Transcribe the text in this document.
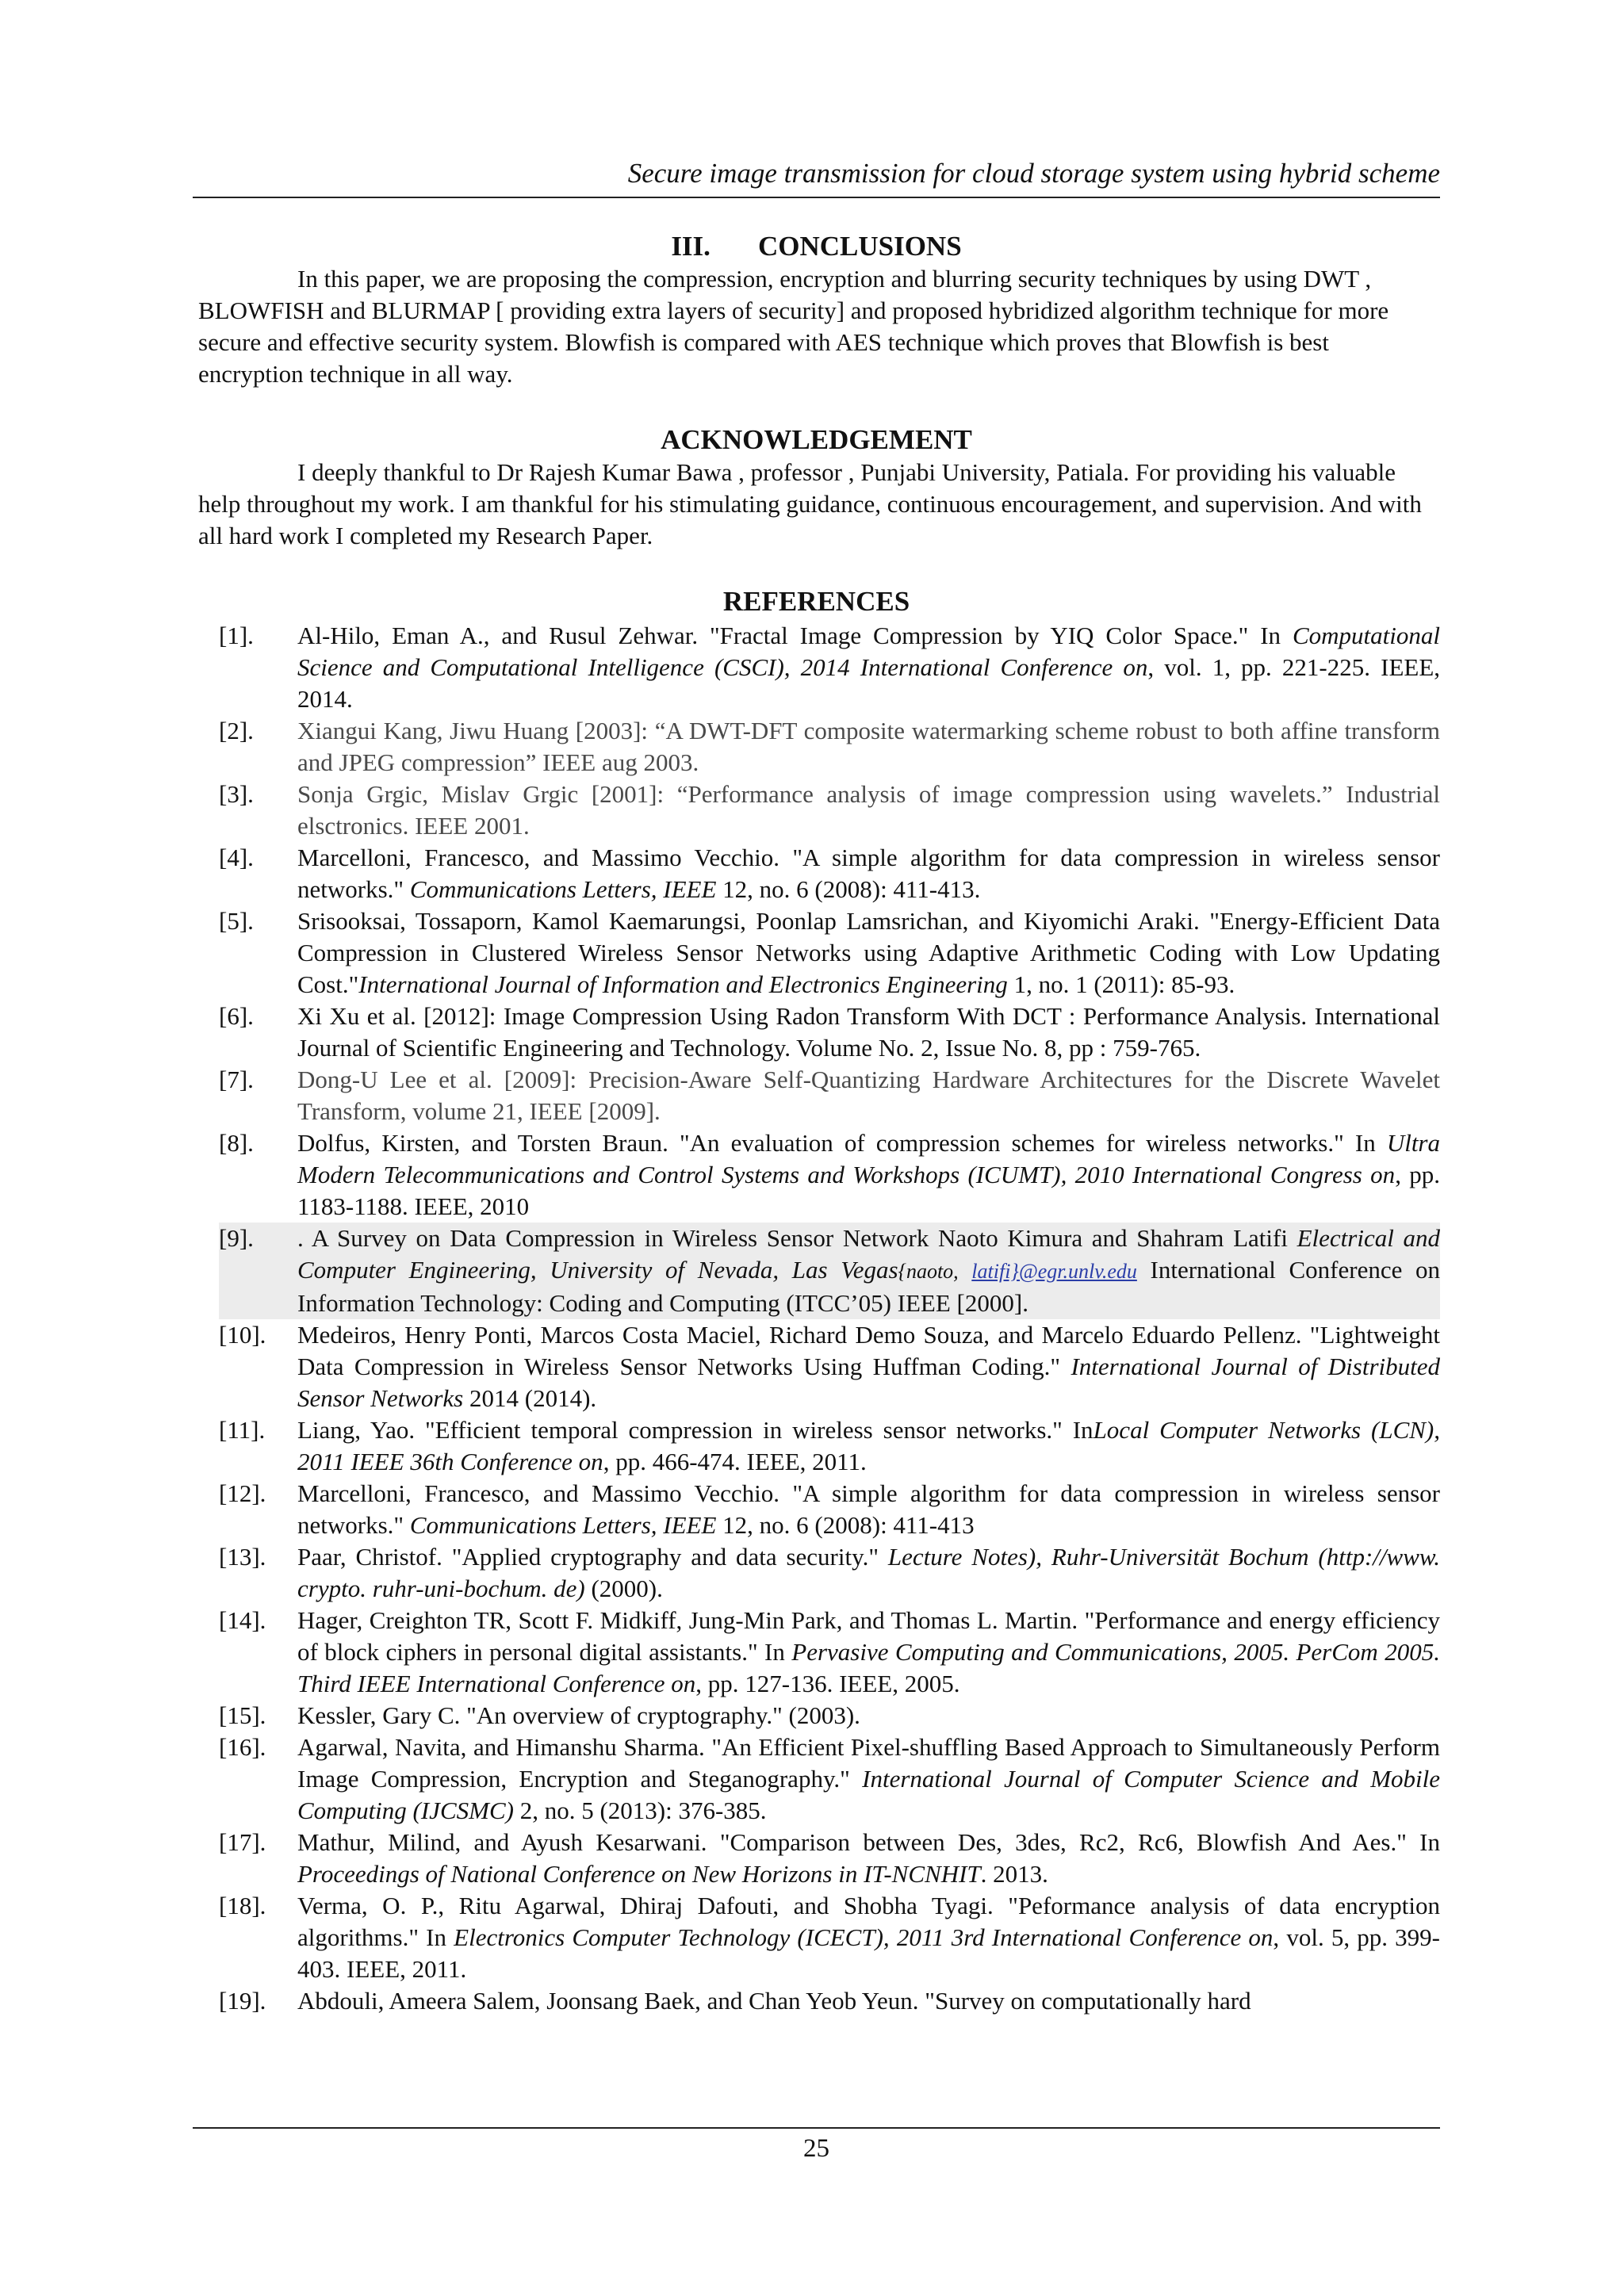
Secure image transmission for cloud storage system using hybrid scheme
III. CONCLUSIONS

In this paper, we are proposing the compression, encryption and blurring security techniques by using DWT , BLOWFISH and BLURMAP [ providing extra layers of security] and proposed hybridized algorithm technique for more secure and effective security system. Blowfish is compared with AES technique which proves that Blowfish is best encryption technique in all way.

ACKNOWLEDGEMENT

I deeply thankful to Dr Rajesh Kumar Bawa , professor , Punjabi University, Patiala. For providing his valuable help throughout my work. I am thankful for his stimulating guidance, continuous encouragement, and supervision. And with all hard work I completed my Research Paper.

REFERENCES
[1].	Al-Hilo, Eman A., and Rusul Zehwar. "Fractal Image Compression by YIQ Color Space." In Computational Science and Computational Intelligence (CSCI), 2014 International Conference on, vol. 1, pp. 221-225. IEEE, 2014.
[2].	Xiangui Kang, Jiwu Huang [2003]: “A DWT-DFT composite watermarking scheme robust to both affine transform and JPEG compression” IEEE aug 2003.
[3].	Sonja Grgic, Mislav Grgic [2001]: “Performance analysis of image compression using wavelets.” Industrial elsctronics. IEEE 2001.
[4].	Marcelloni, Francesco, and Massimo Vecchio. "A simple algorithm for data compression in wireless sensor networks." Communications Letters, IEEE 12, no. 6 (2008): 411-413.
[5].	Srisooksai, Tossaporn, Kamol Kaemarungsi, Poonlap Lamsrichan, and Kiyomichi Araki. "Energy-Efficient Data Compression in Clustered Wireless Sensor Networks using Adaptive Arithmetic Coding with Low Updating Cost."International Journal of Information and Electronics Engineering 1, no. 1 (2011): 85-93.
[6].	Xi Xu et al. [2012]: Image Compression Using Radon Transform With DCT : Performance Analysis. International Journal of Scientific Engineering and Technology. Volume No. 2, Issue No. 8, pp : 759-765.
[7].	Dong-U Lee et al. [2009]: Precision-Aware Self-Quantizing Hardware Architectures for the Discrete Wavelet Transform, volume 21, IEEE [2009].
[8].	Dolfus, Kirsten, and Torsten Braun. "An evaluation of compression schemes for wireless networks." In Ultra Modern Telecommunications and Control Systems and Workshops (ICUMT), 2010 International Congress on, pp. 1183-1188. IEEE, 2010
[9].	. A Survey on Data Compression in Wireless Sensor Network Naoto Kimura and Shahram Latifi Electrical and Computer Engineering, University of Nevada, Las Vegas{naoto, latifi}@egr.unlv.edu International Conference on Information Technology: Coding and Computing (ITCC’05) IEEE [2000].
[10].	Medeiros, Henry Ponti, Marcos Costa Maciel, Richard Demo Souza, and Marcelo Eduardo Pellenz. "Lightweight Data Compression in Wireless Sensor Networks Using Huffman Coding." International Journal of Distributed Sensor Networks 2014 (2014).
[11].	Liang, Yao. "Efficient temporal compression in wireless sensor networks." InLocal Computer Networks (LCN), 2011 IEEE 36th Conference on, pp. 466-474. IEEE, 2011.
[12].	Marcelloni, Francesco, and Massimo Vecchio. "A simple algorithm for data compression in wireless sensor networks." Communications Letters, IEEE 12, no. 6 (2008): 411-413
[13].	Paar, Christof. "Applied cryptography and data security." Lecture Notes), Ruhr-Universität Bochum (http://www. crypto. ruhr-uni-bochum. de) (2000).
[14].	Hager, Creighton TR, Scott F. Midkiff, Jung-Min Park, and Thomas L. Martin. "Performance and energy efficiency of block ciphers in personal digital assistants." In Pervasive Computing and Communications, 2005. PerCom 2005. Third IEEE International Conference on, pp. 127-136. IEEE, 2005.
[15].	Kessler, Gary C. "An overview of cryptography." (2003).
[16].	Agarwal, Navita, and Himanshu Sharma. "An Efficient Pixel-shuffling Based Approach to Simultaneously Perform Image Compression, Encryption and Steganography." International Journal of Computer Science and Mobile Computing (IJCSMC) 2, no. 5 (2013): 376-385.
[17].	Mathur, Milind, and Ayush Kesarwani. "Comparison between Des, 3des, Rc2, Rc6, Blowfish And Aes." In Proceedings of National Conference on New Horizons in IT-NCNHIT. 2013.
[18].	Verma, O. P., Ritu Agarwal, Dhiraj Dafouti, and Shobha Tyagi. "Peformance analysis of data encryption algorithms." In Electronics Computer Technology (ICECT), 2011 3rd International Conference on, vol. 5, pp. 399-403. IEEE, 2011.
[19].	Abdouli, Ameera Salem, Joonsang Baek, and Chan Yeob Yeun. "Survey on computationally hard
25
